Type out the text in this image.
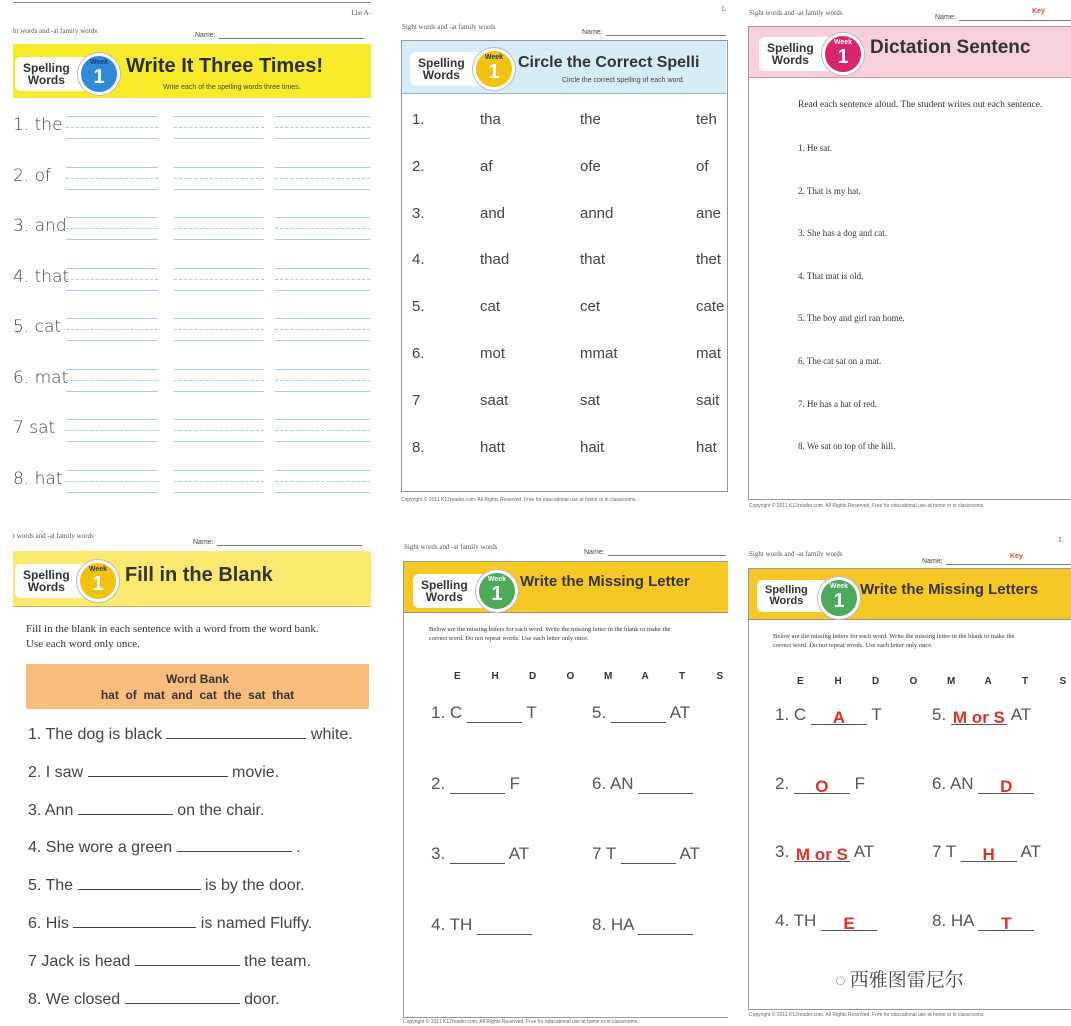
ht words and -at family words
List A-
Name:
Spelling
Words
Week
1	Write It Three Times!
Write each of the spelling words three times.
1. the
2. of
3. and
4. that
5. cat
6. mat
7 sat
8. hat
Sight words and -at family words
L
Name:
Spelling
Words
Week
1	Circle the Correct Spelli
Circle the correct spelling of each word.
1.	tha	the	teh
2.	af	ofe	of
3.	and	annd	ane
4.	thad	that	thet
5.	cat	cet	cate
6.	mot	mmat	mat
7	saat	sat	sait
8.	hatt	hait	hat
Copyright © 2011 K12reader.com. All Rights Reserved. Free for educational use at home or in classrooms.
Sight words and -at family words
Name:
Key
Spelling
Words
Week
1	Dictation Sentenc
Read each sentence aloud. The student writes out each sentence.
1. He sat.
2. That is my hat.
3. She has a dog and cat.
4. That mat is old.
5. The boy and girl ran home.
6. The cat sat on a mat.
7. He has a hat of red.
8. We sat on top of the hill.
Copyright © 2011 K12reader.com. All Rights Reserved. Free for educational use at home or in classrooms.
t words and -at family words
Name:
Spelling
Words
Week
1	Fill in the Blank
Fill in the blank in each sentence with a word from the word bank.
Use each word only once.
Word Bank
hat  of  mat  and  cat  the  sat  that
1. The dog is black	white.
2. I saw	movie.
3. Ann	on the chair.
4. She wore a green	.
5. The	is by the door.
6. His	is named Fluffy.
7 Jack is head	the team.
8. We closed	door.
Sight words and -at family words
Name:
Spelling
Words
Week
1
Write the Missing Letter
Below are the missing letters for each word. Write the missing letter in the blank to make the
correct word. Do not repeat words. Use each letter only once.
E	H	D	O	M	A	T	S
1. C	T	5.	AT
2.	F	6. AN
3.	AT	7 T	AT
4. TH	8. HA
Copyright © 2011 K12reader.com. All Rights Reserved. Free for educational use at home or in classrooms.
Sight words and -at family words
L
Name:
Key
Spelling
Words
Week
1
Write the Missing Letters
Below are the missing letters for each word. Write the missing letter in the blank to make the
correct word. Do not repeat words. Use each letter only once.
E	H	D	O	M	A	T	S
1. C A T	5. M or S AT
2. O F	6. AN D
3. M or S AT	7 T H AT
4. TH E	8. HA T
Copyright © 2011 K12reader.com. All Rights Reserved. Free for educational use at home or in classrooms.
◌ 西雅图雷尼尔
